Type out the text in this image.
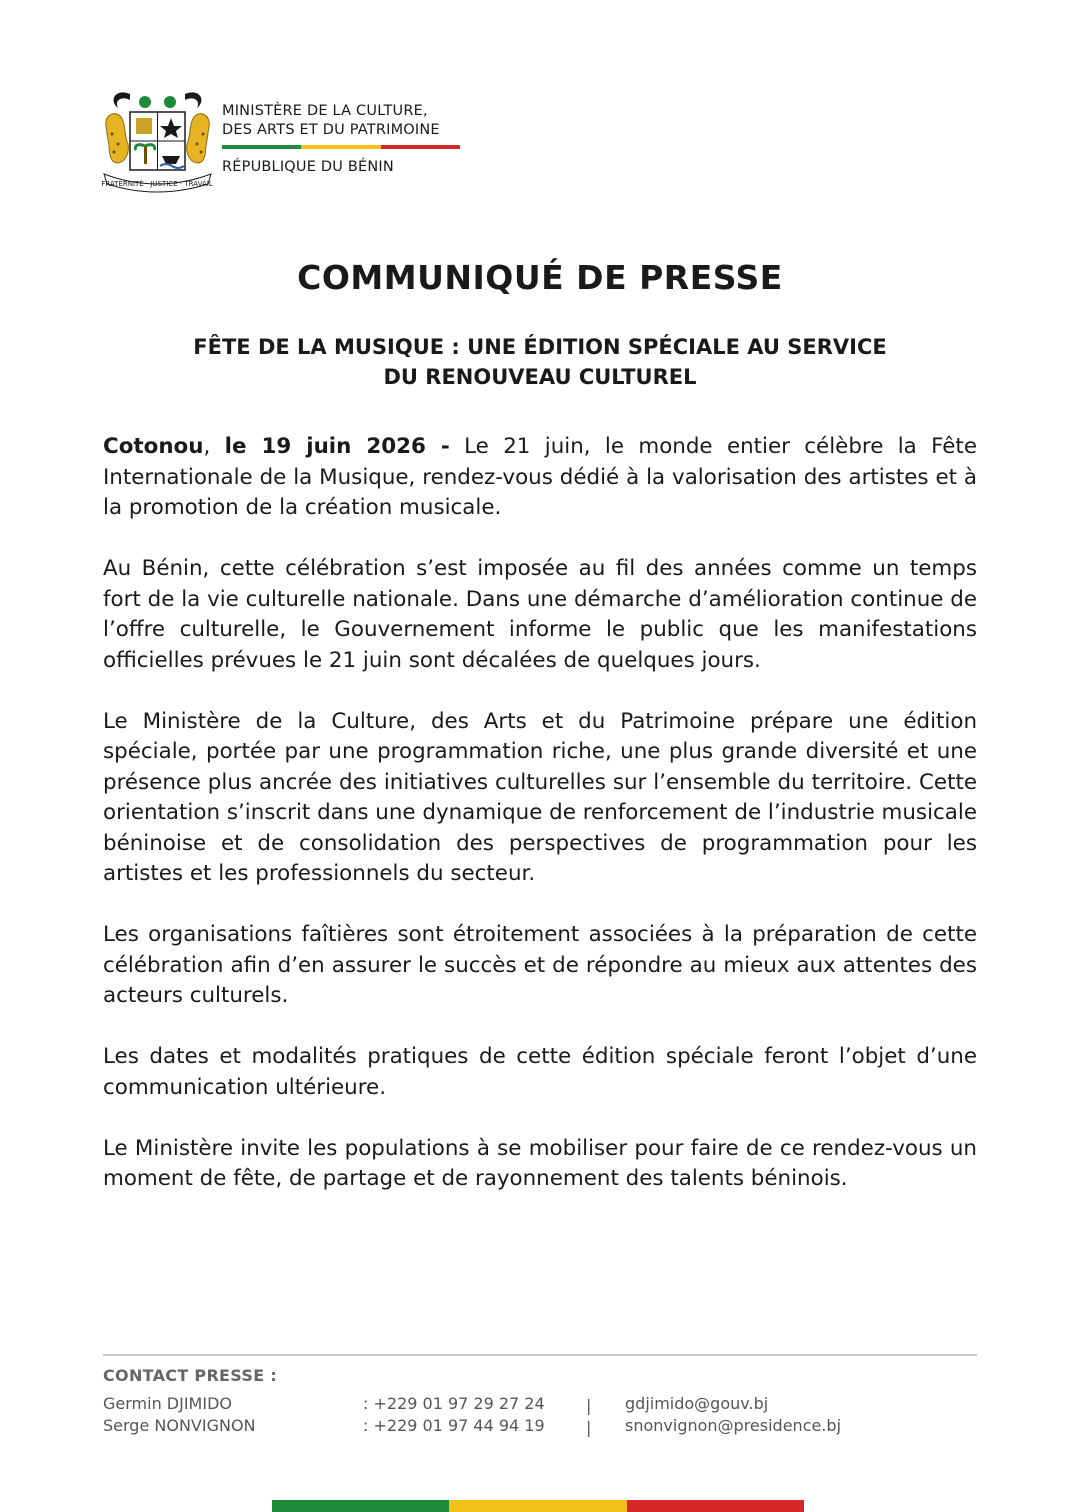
FRATERNITÉ · JUSTICE · TRAVAIL
MINISTÈRE DE LA CULTURE,
DES ARTS ET DU PATRIMOINE
RÉPUBLIQUE DU BÉNIN
COMMUNIQUÉ DE PRESSE
FÊTE DE LA MUSIQUE : UNE ÉDITION SPÉCIALE AU SERVICE
DU RENOUVEAU CULTUREL

Cotonou, le 19 juin 2026 - Le 21 juin, le monde entier célèbre la Fête Internationale de la Musique, rendez-vous dédié à la valorisation des artistes et à la promotion de la création musicale.

Au Bénin, cette célébration s’est imposée au fil des années comme un temps fort de la vie culturelle nationale. Dans une démarche d’amélioration continue de l’offre culturelle, le Gouvernement informe le public que les manifestations officielles prévues le 21 juin sont décalées de quelques jours.

Le Ministère de la Culture, des Arts et du Patrimoine prépare une édition spéciale, portée par une programmation riche, une plus grande diversité et une présence plus ancrée des initiatives culturelles sur l’ensemble du territoire. Cette orientation s’inscrit dans une dynamique de renforcement de l’industrie musicale béninoise et de consolidation des perspectives de programmation pour les artistes et les professionnels du secteur.

Les organisations faîtières sont étroitement associées à la préparation de cette célébration afin d’en assurer le succès et de répondre au mieux aux attentes des acteurs culturels.

Les dates et modalités pratiques de cette édition spéciale feront l’objet d’une communication ultérieure.

Le Ministère invite les populations à se mobiliser pour faire de ce rendez-vous un moment de fête, de partage et de rayonnement des talents béninois.

CONTACT PRESSE :
Germin DJIMIDO	: +229 01 97 29 27 24	| gdjimido@gouv.bj
Serge NONVIGNON	: +229 01 97 44 94 19	| snonvignon@presidence.bj
